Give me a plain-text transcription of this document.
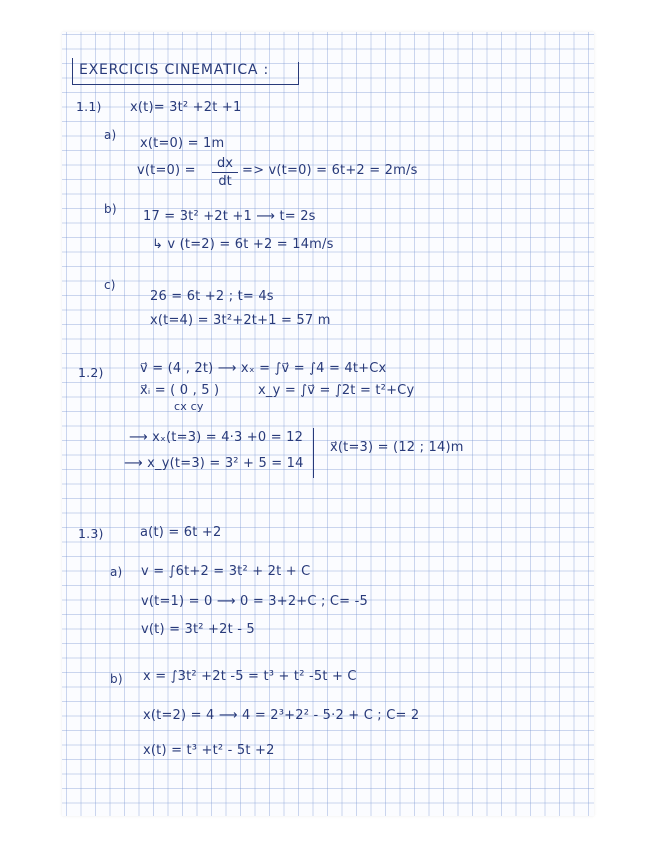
EXERCICIS CINEMATICA :
1.1) x(t)= 3t² +2t +1
a)
x(t=0) = 1m
v(t=0) =	dx
dt
=> v(t=0) = 6t+2 = 2m/s
b) 17 = 3t² +2t +1 ⟶ t= 2s
↳ v (t=2) = 6t +2 = 14m/s
c)
26 = 6t +2 ; t= 4s
x(t=4) = 3t²+2t+1 = 57 m
1.2)	v⃗ = (4 , 2t) ⟶ xₓ = ∫v⃗ = ∫4 = 4t+Cx
x⃗ᵢ = ( 0 , 5 )
cx cy
x_y = ∫v⃗ = ∫2t = t²+Cy
⟶ xₓ(t=3) = 4·3 +0 = 12
⟶ x_y(t=3) = 3² + 5 = 14
x⃗(t=3) = (12 ; 14)m
1.3)	a(t) = 6t +2
a) v = ∫6t+2 = 3t² + 2t + C
v(t=1) = 0 ⟶ 0 = 3+2+C ; C= -5
v(t) = 3t² +2t - 5
b) x = ∫3t² +2t -5 = t³ + t² -5t + C
x(t=2) = 4 ⟶ 4 = 2³+2² - 5·2 + C ; C= 2
x(t) = t³ +t² - 5t +2
